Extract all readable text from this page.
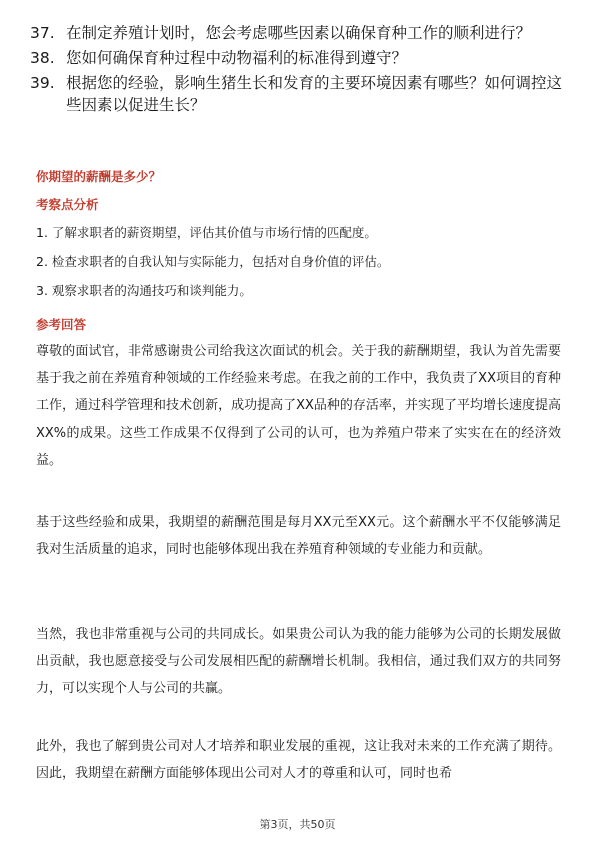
37. 在制定养殖计划时，您会考虑哪些因素以确保育种工作的顺利进行？
38. 您如何确保育种过程中动物福利的标准得到遵守？
39. 根据您的经验，影响生猪生长和发育的主要环境因素有哪些？如何调控这些因素以促进生长？
你期望的薪酬是多少？
考察点分析
1. 了解求职者的薪资期望，评估其价值与市场行情的匹配度。
2. 检查求职者的自我认知与实际能力，包括对自身价值的评估。
3. 观察求职者的沟通技巧和谈判能力。
参考回答

尊敬的面试官，非常感谢贵公司给我这次面试的机会。关于我的薪酬期望，我认为首先需要基于我之前在养殖育种领域的工作经验来考虑。在我之前的工作中，我负责了XX项目的育种工作，通过科学管理和技术创新，成功提高了XX品种的存活率，并实现了平均增长速度提高XX%的成果。这些工作成果不仅得到了公司的认可，也为养殖户带来了实实在在的经济效益。

基于这些经验和成果，我期望的薪酬范围是每月XX元至XX元。这个薪酬水平不仅能够满足我对生活质量的追求，同时也能够体现出我在养殖育种领域的专业能力和贡献。

当然，我也非常重视与公司的共同成长。如果贵公司认为我的能力能够为公司的长期发展做出贡献，我也愿意接受与公司发展相匹配的薪酬增长机制。我相信，通过我们双方的共同努力，可以实现个人与公司的共赢。

此外，我也了解到贵公司对人才培养和职业发展的重视，这让我对未来的工作充满了期待。因此，我期望在薪酬方面能够体现出公司对人才的尊重和认可，同时也希

第3页，共50页
